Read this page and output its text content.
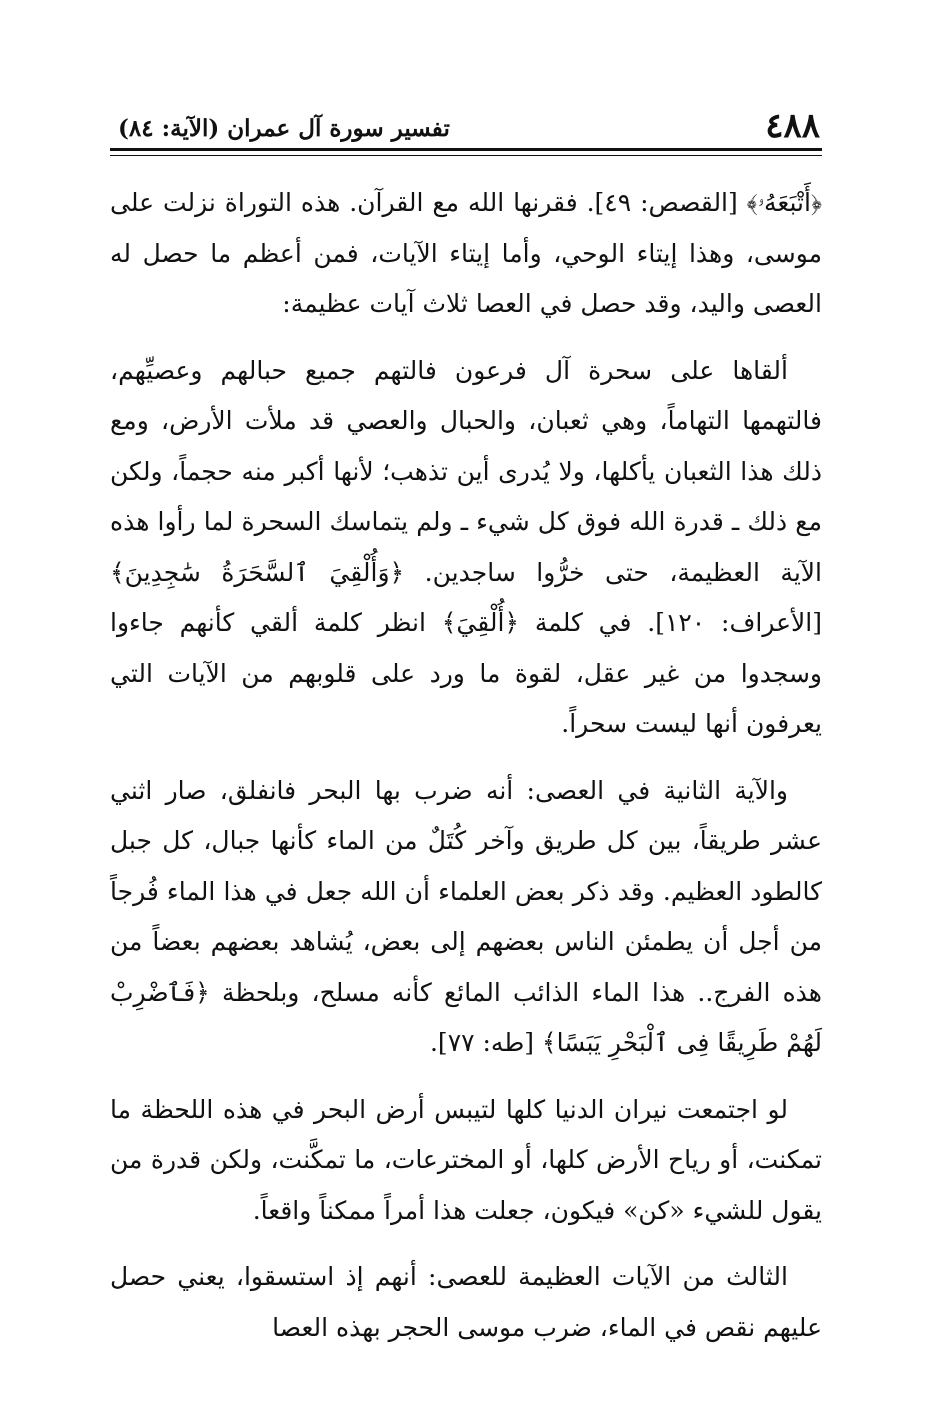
٤٨٨
تفسير سورة آل عمران (الآية: ٨٤)

﴿أَتْبَعَهُۥ﴾ [القصص: ٤٩]. فقرنها الله مع القرآن. هذه التوراة نزلت على موسى، وهذا إيتاء الوحي، وأما إيتاء الآيات، فمن أعظم ما حصل له العصى واليد، وقد حصل في العصا ثلاث آيات عظيمة:

ألقاها على سحرة آل فرعون فالتهم جميع حبالهم وعصيِّهم، فالتهمها التهاماً، وهي ثعبان، والحبال والعصي قد ملأت الأرض، ومع ذلك هذا الثعبان يأكلها، ولا يُدرى أين تذهب؛ لأنها أكبر منه حجماً، ولكن مع ذلك ـ قدرة الله فوق كل شيء ـ ولم يتماسك السحرة لما رأوا هذه الآية العظيمة، حتى خرُّوا ساجدين. ﴿وَأُلْقِيَ ٱلسَّحَرَةُ سَٰجِدِينَ﴾ [الأعراف: ١٢٠]. في كلمة ﴿أُلْقِيَ﴾ انظر كلمة ألقي كأنهم جاءوا وسجدوا من غير عقل، لقوة ما ورد على قلوبهم من الآيات التي يعرفون أنها ليست سحراً.

والآية الثانية في العصى: أنه ضرب بها البحر فانفلق، صار اثني عشر طريقاً، بين كل طريق وآخر كُتَلٌ من الماء كأنها جبال، كل جبل كالطود العظيم. وقد ذكر بعض العلماء أن الله جعل في هذا الماء فُرجاً من أجل أن يطمئن الناس بعضهم إلى بعض، يُشاهد بعضهم بعضاً من هذه الفرج.. هذا الماء الذائب المائع كأنه مسلح، وبلحظة ﴿فَٱضْرِبْ لَهُمْ طَرِيقًا فِى ٱلْبَحْرِ يَبَسًا﴾ [طه: ٧٧].

لو اجتمعت نيران الدنيا كلها لتيبس أرض البحر في هذه اللحظة ما تمكنت، أو رياح الأرض كلها، أو المخترعات، ما تمكَّنت، ولكن قدرة من يقول للشيء «كن» فيكون، جعلت هذا أمراً ممكناً واقعاً.

الثالث من الآيات العظيمة للعصى: أنهم إذ استسقوا، يعني حصل عليهم نقص في الماء، ضرب موسى الحجر بهذه العصا
